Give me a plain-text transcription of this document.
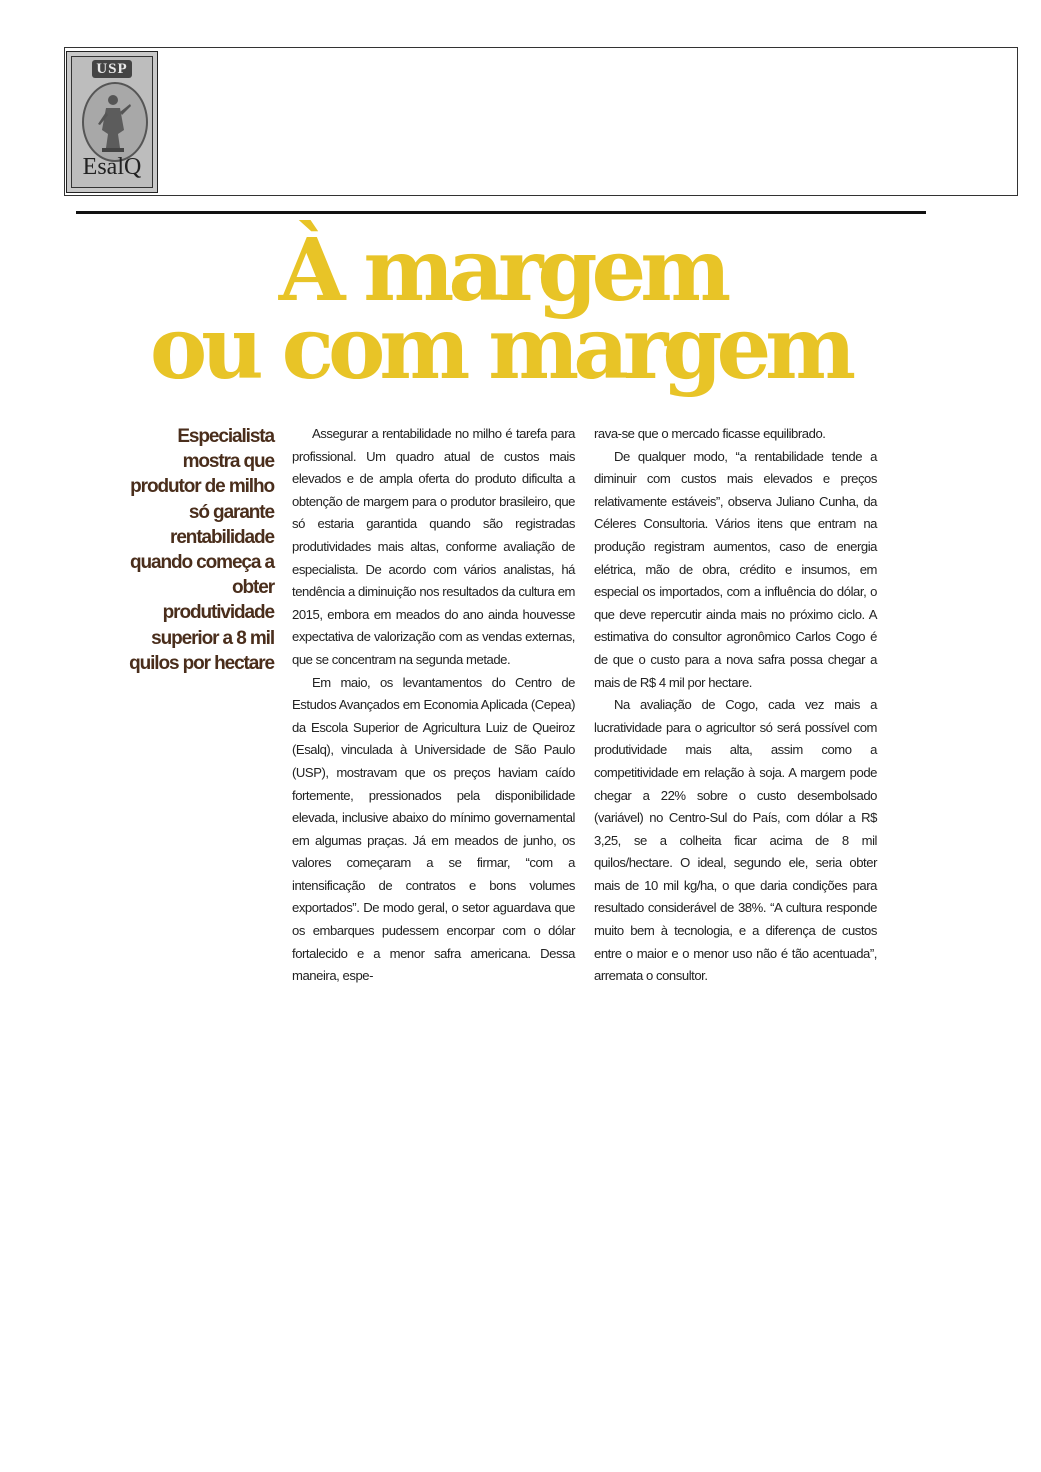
USP
EsalQ
À margem
ou com margem
Especialista mostra que produtor de milho só garante rentabilidade quando começa a obter produtividade superior a 8 mil quilos por hectare

Assegurar a rentabilidade no milho é tarefa para profissional. Um quadro atual de custos mais elevados e de ampla oferta do produto dificulta a obtenção de margem para o produtor brasileiro, que só estaria garantida quando são registradas produtividades mais altas, conforme avaliação de especialista. De acordo com vários analistas, há tendência a diminuição nos resultados da cultura em 2015, embora em meados do ano ainda houvesse expectativa de valorização com as vendas externas, que se concentram na segunda metade.

Em maio, os levantamentos do Centro de Estudos Avançados em Economia Aplicada (Cepea) da Escola Superior de Agricultura Luiz de Queiroz (Esalq), vinculada à Universidade de São Paulo (USP), mostravam que os preços haviam caído fortemente, pressionados pela disponibilidade elevada, inclusive abaixo do mínimo governamental em algumas praças. Já em meados de junho, os valores começaram a se firmar, “com a intensificação de contratos e bons volumes exportados”. De modo geral, o setor aguardava que os embarques pudessem encorpar com o dólar fortalecido e a menor safra americana. Dessa maneira, espe-

rava-se que o mercado ficasse equilibrado.

De qualquer modo, “a rentabilidade tende a diminuir com custos mais elevados e preços relativamente estáveis”, observa Juliano Cunha, da Céleres Consultoria. Vários itens que entram na produção registram aumentos, caso de energia elétrica, mão de obra, crédito e insumos, em especial os importados, com a influência do dólar, o que deve repercutir ainda mais no próximo ciclo. A estimativa do consultor agronômico Carlos Cogo é de que o custo para a nova safra possa chegar a mais de R$ 4 mil por hectare.

Na avaliação de Cogo, cada vez mais a lucratividade para o agricultor só será possível com produtividade mais alta, assim como a competitividade em relação à soja. A margem pode chegar a 22% sobre o custo desembolsado (variável) no Centro-Sul do País, com dólar a R$ 3,25, se a colheita ficar acima de 8 mil quilos/hectare. O ideal, segundo ele, seria obter mais de 10 mil kg/ha, o que daria condições para resultado considerável de 38%. “A cultura responde muito bem à tecnologia, e a diferença de custos entre o maior e o menor uso não é tão acentuada”, arremata o consultor.
